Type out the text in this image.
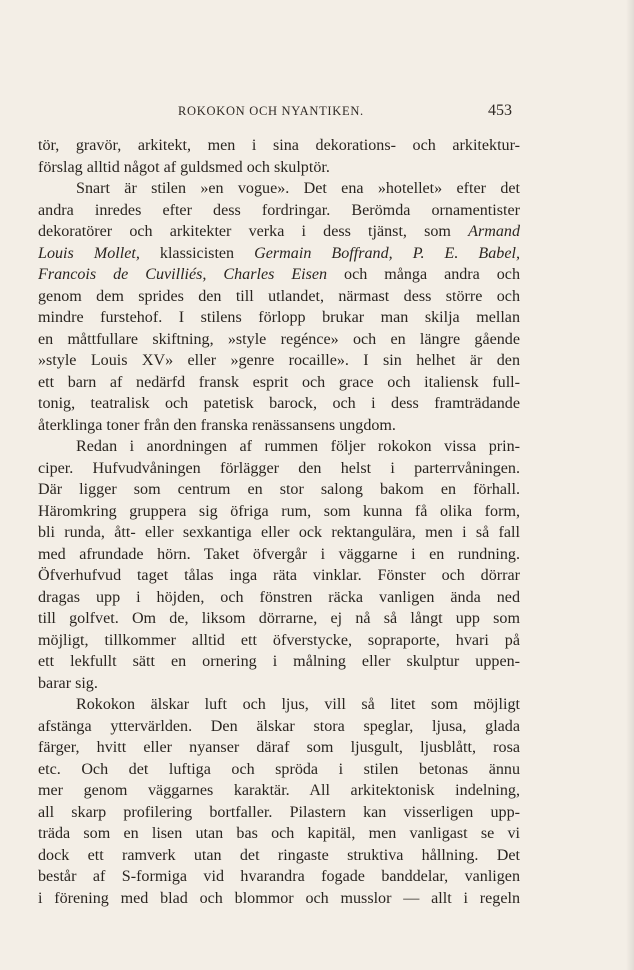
ROKOKON OCH NYANTIKEN.	453
tör, gravör, arkitekt, men i sina dekorations- och arkitektur-
förslag alltid något af guldsmed och skulptör.
Snart är stilen »en vogue». Det ena »hotellet» efter det
andra inredes efter dess fordringar. Berömda ornamentister
dekoratörer och arkitekter verka i dess tjänst, som Armand
Louis Mollet, klassicisten Germain Boffrand, P. E. Babel,
Francois de Cuvilliés, Charles Eisen och många andra och
genom dem sprides den till utlandet, närmast dess större och
mindre furstehof. I stilens förlopp brukar man skilja mellan
en måttfullare skiftning, »style regénce» och en längre gående
»style Louis XV» eller »genre rocaille». I sin helhet är den
ett barn af nedärfd fransk esprit och grace och italiensk full-
tonig, teatralisk och patetisk barock, och i dess framträdande
återklinga toner från den franska renässansens ungdom.
Redan i anordningen af rummen följer rokokon vissa prin-
ciper. Hufvudvåningen förlägger den helst i parterrvåningen.
Där ligger som centrum en stor salong bakom en förhall.
Häromkring gruppera sig öfriga rum, som kunna få olika form,
bli runda, ått- eller sexkantiga eller ock rektangulära, men i så fall
med afrundade hörn. Taket öfvergår i väggarne i en rundning.
Öfverhufvud taget tålas inga räta vinklar. Fönster och dörrar
dragas upp i höjden, och fönstren räcka vanligen ända ned
till golfvet. Om de, liksom dörrarne, ej nå så långt upp som
möjligt, tillkommer alltid ett öfverstycke, sopraporte, hvari på
ett lekfullt sätt en ornering i målning eller skulptur uppen-
barar sig.
Rokokon älskar luft och ljus, vill så litet som möjligt
afstänga yttervärlden. Den älskar stora speglar, ljusa, glada
färger, hvitt eller nyanser däraf som ljusgult, ljusblått, rosa
etc. Och det luftiga och spröda i stilen betonas ännu
mer genom väggarnes karaktär. All arkitektonisk indelning,
all skarp profilering bortfaller. Pilastern kan visserligen upp-
träda som en lisen utan bas och kapitäl, men vanligast se vi
dock ett ramverk utan det ringaste struktiva hållning. Det
består af S-formiga vid hvarandra fogade banddelar, vanligen
i förening med blad och blommor och musslor — allt i regeln
